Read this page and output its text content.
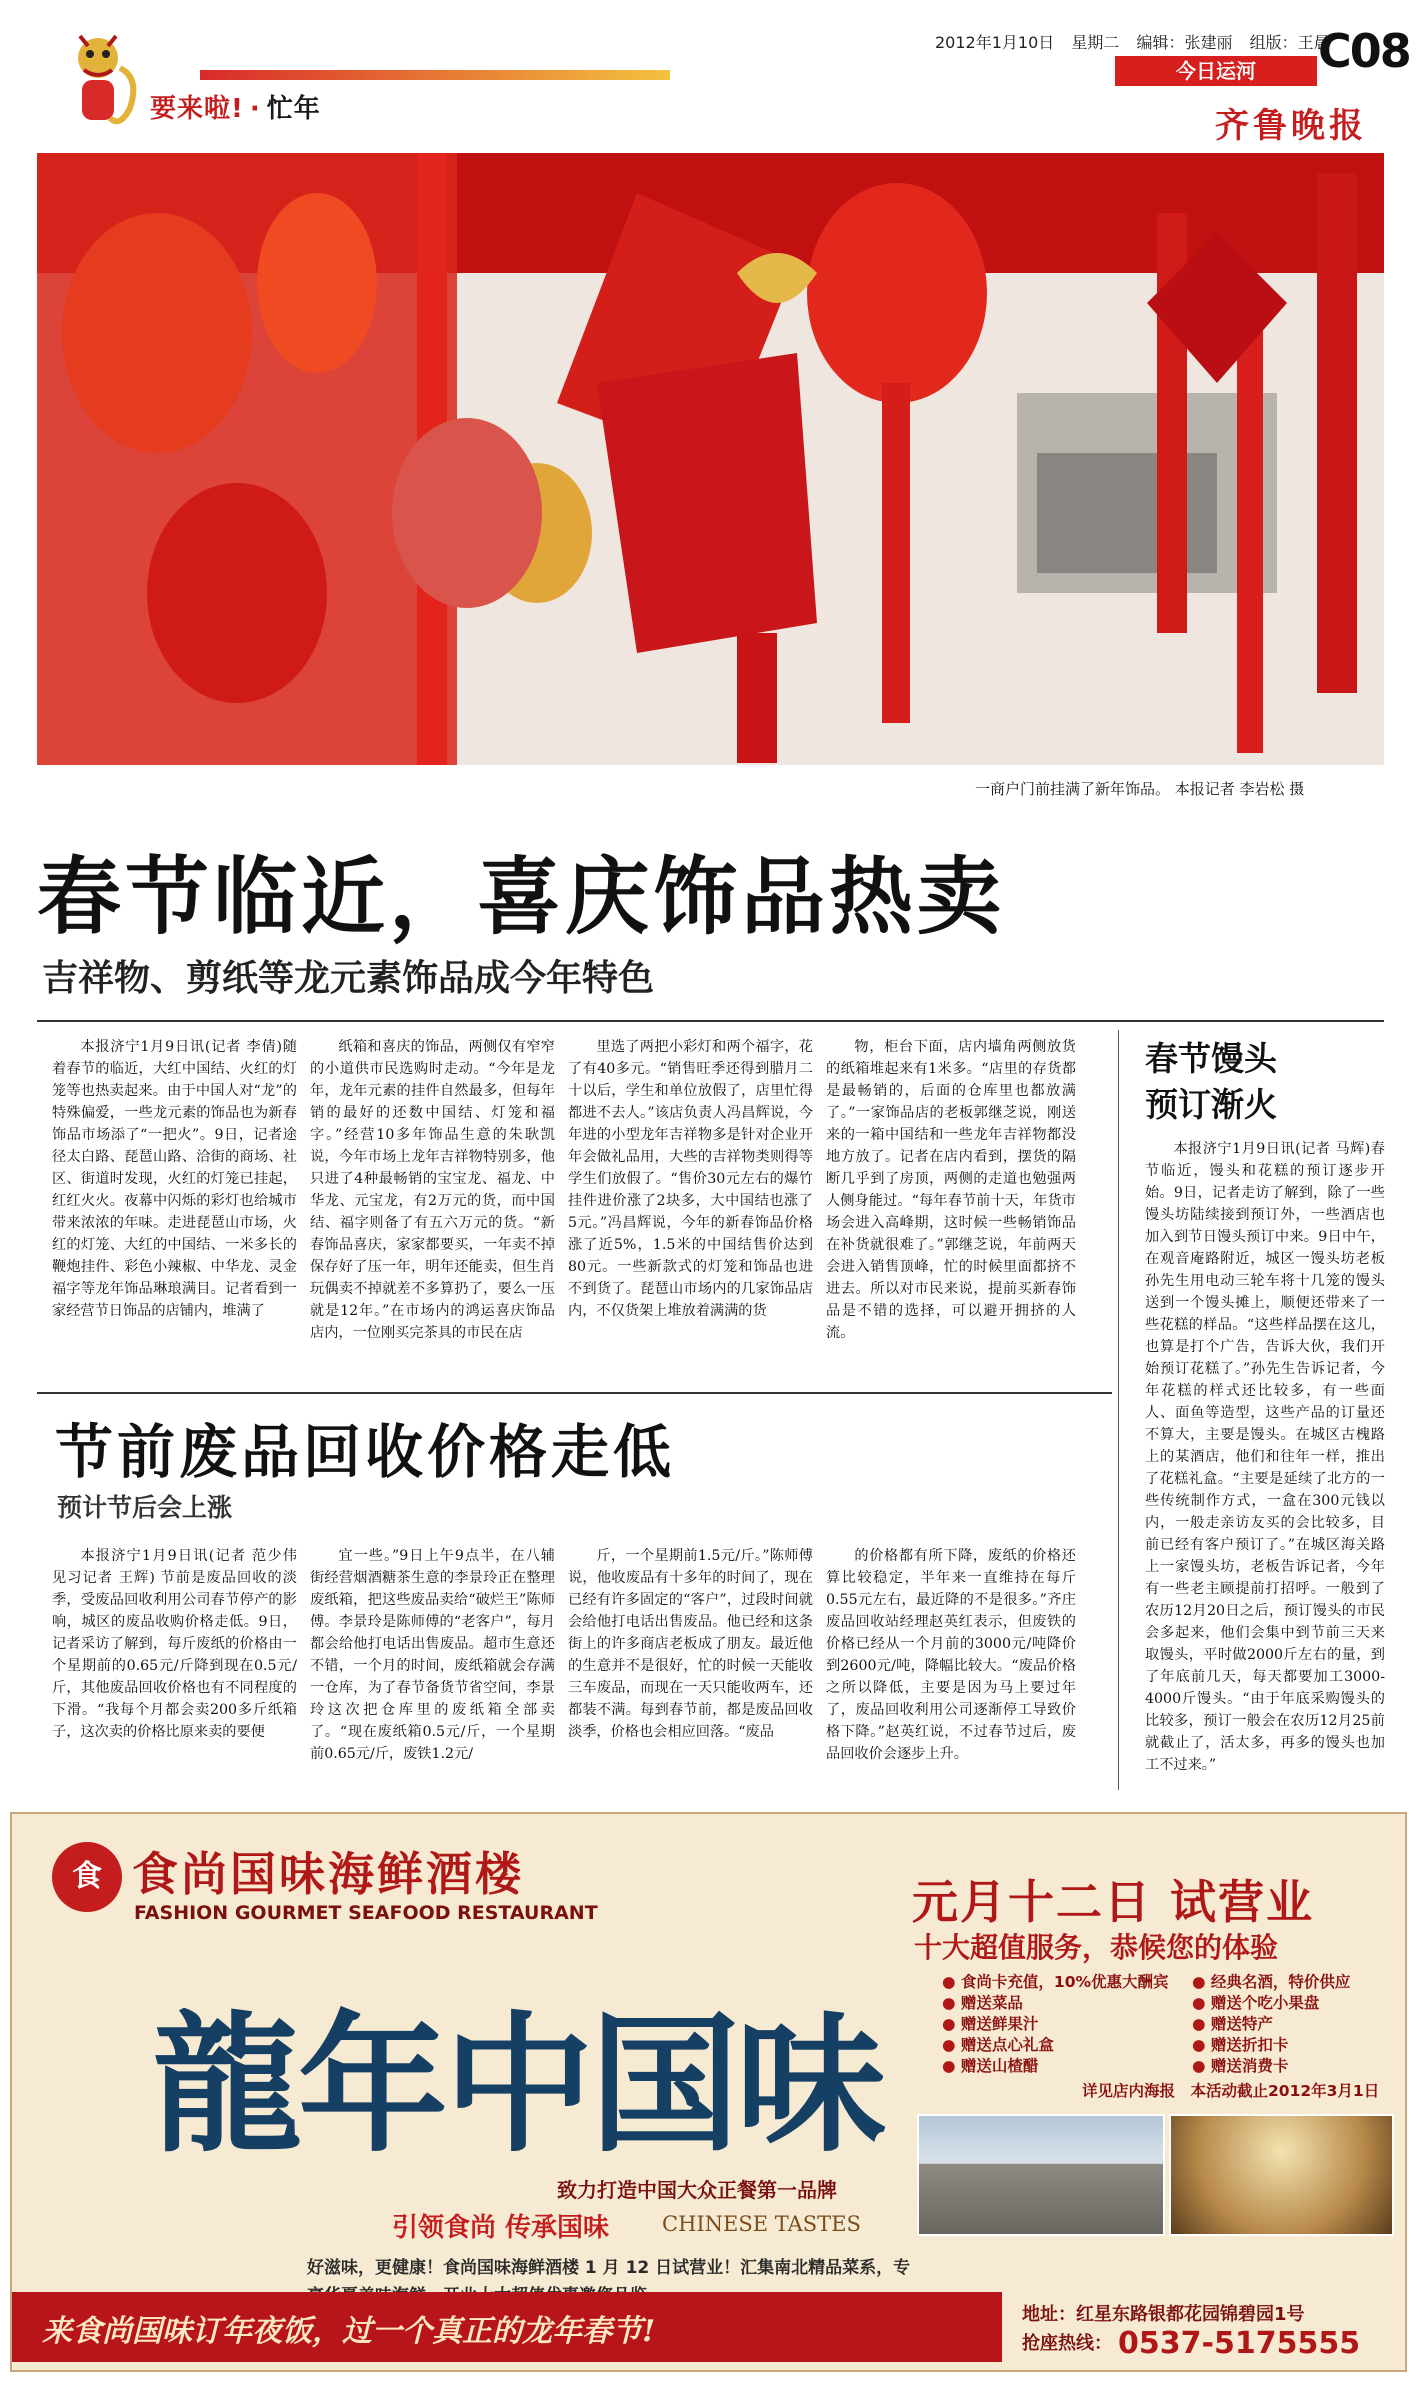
要来啦! · 忙年
2012年1月10日 星期二 编辑：张建丽 组版：王晨
C08
今日运河
齐鲁晚报
一商户门前挂满了新年饰品。 本报记者 李岩松 摄
春节临近，喜庆饰品热卖
吉祥物、剪纸等龙元素饰品成今年特色

本报济宁1月9日讯(记者 李倩)随着春节的临近，大红中国结、火红的灯笼等也热卖起来。由于中国人对“龙”的特殊偏爱，一些龙元素的饰品也为新春饰品市场添了“一把火”。9日，记者途径太白路、琵琶山路、洽街的商场、社区、街道时发现，火红的灯笼已挂起，红红火火。夜幕中闪烁的彩灯也给城市带来浓浓的年味。走进琵琶山市场，火红的灯笼、大红的中国结、一米多长的鞭炮挂件、彩色小辣椒、中华龙、灵金福字等龙年饰品琳琅满目。记者看到一家经营节日饰品的店铺内，堆满了

纸箱和喜庆的饰品，两侧仅有窄窄的小道供市民选购时走动。“今年是龙年，龙年元素的挂件自然最多，但每年销的最好的还数中国结、灯笼和福字。”经营10多年饰品生意的朱耿凯说，今年市场上龙年吉祥物特别多，他只进了4种最畅销的宝宝龙、福龙、中华龙、元宝龙，有2万元的货，而中国结、福字则备了有五六万元的货。“新春饰品喜庆，家家都要买，一年卖不掉保存好了压一年，明年还能卖，但生肖玩偶卖不掉就差不多算扔了，要么一压就是12年。”在市场内的鸿运喜庆饰品店内，一位刚买完茶具的市民在店

里选了两把小彩灯和两个福字，花了有40多元。“销售旺季还得到腊月二十以后，学生和单位放假了，店里忙得都进不去人。”该店负责人冯昌辉说，今年进的小型龙年吉祥物多是针对企业开年会做礼品用，大些的吉祥物类则得等学生们放假了。“售价30元左右的爆竹挂件进价涨了2块多，大中国结也涨了5元。”冯昌辉说，今年的新春饰品价格涨了近5%，1.5米的中国结售价达到80元。一些新款式的灯笼和饰品也进不到货了。琵琶山市场内的几家饰品店内，不仅货架上堆放着满满的货

物，柜台下面，店内墙角两侧放货的纸箱堆起来有1米多。“店里的存货都是最畅销的，后面的仓库里也都放满了。”一家饰品店的老板郭继芝说，刚送来的一箱中国结和一些龙年吉祥物都没地方放了。记者在店内看到，摆货的隔断几乎到了房顶，两侧的走道也勉强两人侧身能过。“每年春节前十天，年货市场会进入高峰期，这时候一些畅销饰品在补货就很难了。”郭继芝说，年前两天会进入销售顶峰，忙的时候里面都挤不进去。所以对市民来说，提前买新春饰品是不错的选择，可以避开拥挤的人流。

春节馒头
预订渐火

本报济宁1月9日讯(记者 马辉)春节临近，馒头和花糕的预订逐步开始。9日，记者走访了解到，除了一些馒头坊陆续接到预订外，一些酒店也加入到节日馒头预订中来。9日中午，在观音庵路附近，城区一馒头坊老板孙先生用电动三轮车将十几笼的馒头送到一个馒头摊上，顺便还带来了一些花糕的样品。“这些样品摆在这儿，也算是打个广告，告诉大伙，我们开始预订花糕了。”孙先生告诉记者，今年花糕的样式还比较多，有一些面人、面鱼等造型，这些产品的订量还不算大，主要是馒头。在城区古槐路上的某酒店，他们和往年一样，推出了花糕礼盒。“主要是延续了北方的一些传统制作方式，一盒在300元钱以内，一般走亲访友买的会比较多，目前已经有客户预订了。”在城区海关路上一家馒头坊，老板告诉记者，今年有一些老主顾提前打招呼。一般到了农历12月20日之后，预订馒头的市民会多起来，他们会集中到节前三天来取馒头，平时做2000斤左右的量，到了年底前几天，每天都要加工3000-4000斤馒头。“由于年底采购馒头的比较多，预订一般会在农历12月25前就截止了，活太多，再多的馒头也加工不过来。”

节前废品回收价格走低
预计节后会上涨

本报济宁1月9日讯(记者 范少伟 见习记者 王辉) 节前是废品回收的淡季，受废品回收利用公司春节停产的影响，城区的废品收购价格走低。9日，记者采访了解到，每斤废纸的价格由一个星期前的0.65元/斤降到现在0.5元/斤，其他废品回收价格也有不同程度的下滑。“我每个月都会卖200多斤纸箱子，这次卖的价格比原来卖的要便

宜一些。”9日上午9点半，在八辅街经营烟酒糖茶生意的李景玲正在整理废纸箱，把这些废品卖给“破烂王”陈师傅。李景玲是陈师傅的“老客户”，每月都会给他打电话出售废品。超市生意还不错，一个月的时间，废纸箱就会存满一仓库，为了春节备货节省空间，李景玲这次把仓库里的废纸箱全部卖了。“现在废纸箱0.5元/斤，一个星期前0.65元/斤，废铁1.2元/

斤，一个星期前1.5元/斤。”陈师傅说，他收废品有十多年的时间了，现在已经有许多固定的“客户”，过段时间就会给他打电话出售废品。他已经和这条街上的许多商店老板成了朋友。最近他的生意并不是很好，忙的时候一天能收三车废品，而现在一天只能收两车，还都装不满。每到春节前，都是废品回收淡季，价格也会相应回落。“废品

的价格都有所下降，废纸的价格还算比较稳定，半年来一直维持在每斤0.55元左右，最近降的不是很多。”齐庄废品回收站经理赵英红表示，但废铁的价格已经从一个月前的3000元/吨降价到2600元/吨，降幅比较大。“废品价格之所以降低，主要是因为马上要过年了，废品回收利用公司逐渐停工导致价格下降。”赵英红说，不过春节过后，废品回收价会逐步上升。

食 食尚国味海鲜酒楼
FASHION GOURMET SEAFOOD RESTAURANT
龍年中国味
致力打造中国大众正餐第一品牌
引领食尚 传承国味	CHINESE TASTES
好滋味，更健康！食尚国味海鲜酒楼 1 月 12 日试营业！汇集南北精品菜系，专
元月十二日 试营业
十大超值服务，恭候您的体验
● 食尚卡充值，10%优惠大酬宾	● 经典名酒，特价供应
● 赠送菜品	● 赠送个吃小果盘
● 赠送鲜果汁	● 赠送特产
● 赠送点心礼盒	● 赠送折扣卡
● 赠送山楂醋	● 赠送消费卡
详见店内海报　本活动截止2012年3月1日
来食尚国味订年夜饭，过一个真正的龙年春节!	地址：红星东路银都花园锦碧园1号
抢座热线： 0537-5175555
